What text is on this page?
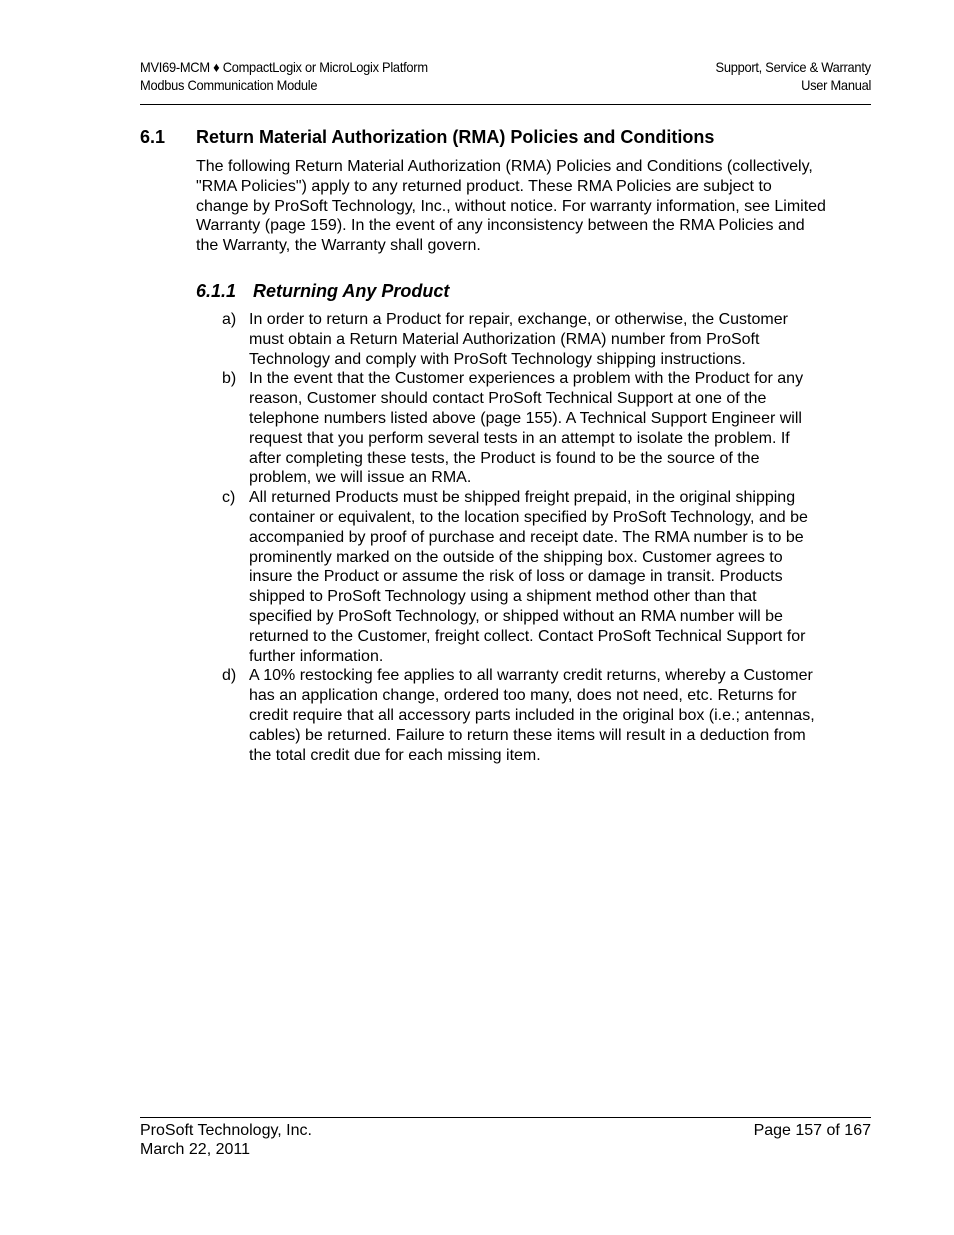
MVI69-MCM ♦ CompactLogix or MicroLogix Platform
Modbus Communication Module
Support, Service & Warranty
User Manual
6.1 Return Material Authorization (RMA) Policies and Conditions

The following Return Material Authorization (RMA) Policies and Conditions (collectively, "RMA Policies") apply to any returned product. These RMA Policies are subject to change by ProSoft Technology, Inc., without notice. For warranty information, see Limited Warranty (page 159). In the event of any inconsistency between the RMA Policies and the Warranty, the Warranty shall govern.

6.1.1 Returning Any Product
a) In order to return a Product for repair, exchange, or otherwise, the Customer must obtain a Return Material Authorization (RMA) number from ProSoft Technology and comply with ProSoft Technology shipping instructions.
b) In the event that the Customer experiences a problem with the Product for any reason, Customer should contact ProSoft Technical Support at one of the telephone numbers listed above (page 155). A Technical Support Engineer will request that you perform several tests in an attempt to isolate the problem. If after completing these tests, the Product is found to be the source of the problem, we will issue an RMA.
c) All returned Products must be shipped freight prepaid, in the original shipping container or equivalent, to the location specified by ProSoft Technology, and be accompanied by proof of purchase and receipt date. The RMA number is to be prominently marked on the outside of the shipping box. Customer agrees to insure the Product or assume the risk of loss or damage in transit. Products shipped to ProSoft Technology using a shipment method other than that specified by ProSoft Technology, or shipped without an RMA number will be returned to the Customer, freight collect. Contact ProSoft Technical Support for further information.
d) A 10% restocking fee applies to all warranty credit returns, whereby a Customer has an application change, ordered too many, does not need, etc. Returns for credit require that all accessory parts included in the original box (i.e.; antennas, cables) be returned. Failure to return these items will result in a deduction from the total credit due for each missing item.
ProSoft Technology, Inc.
March 22, 2011
Page 157 of 167
